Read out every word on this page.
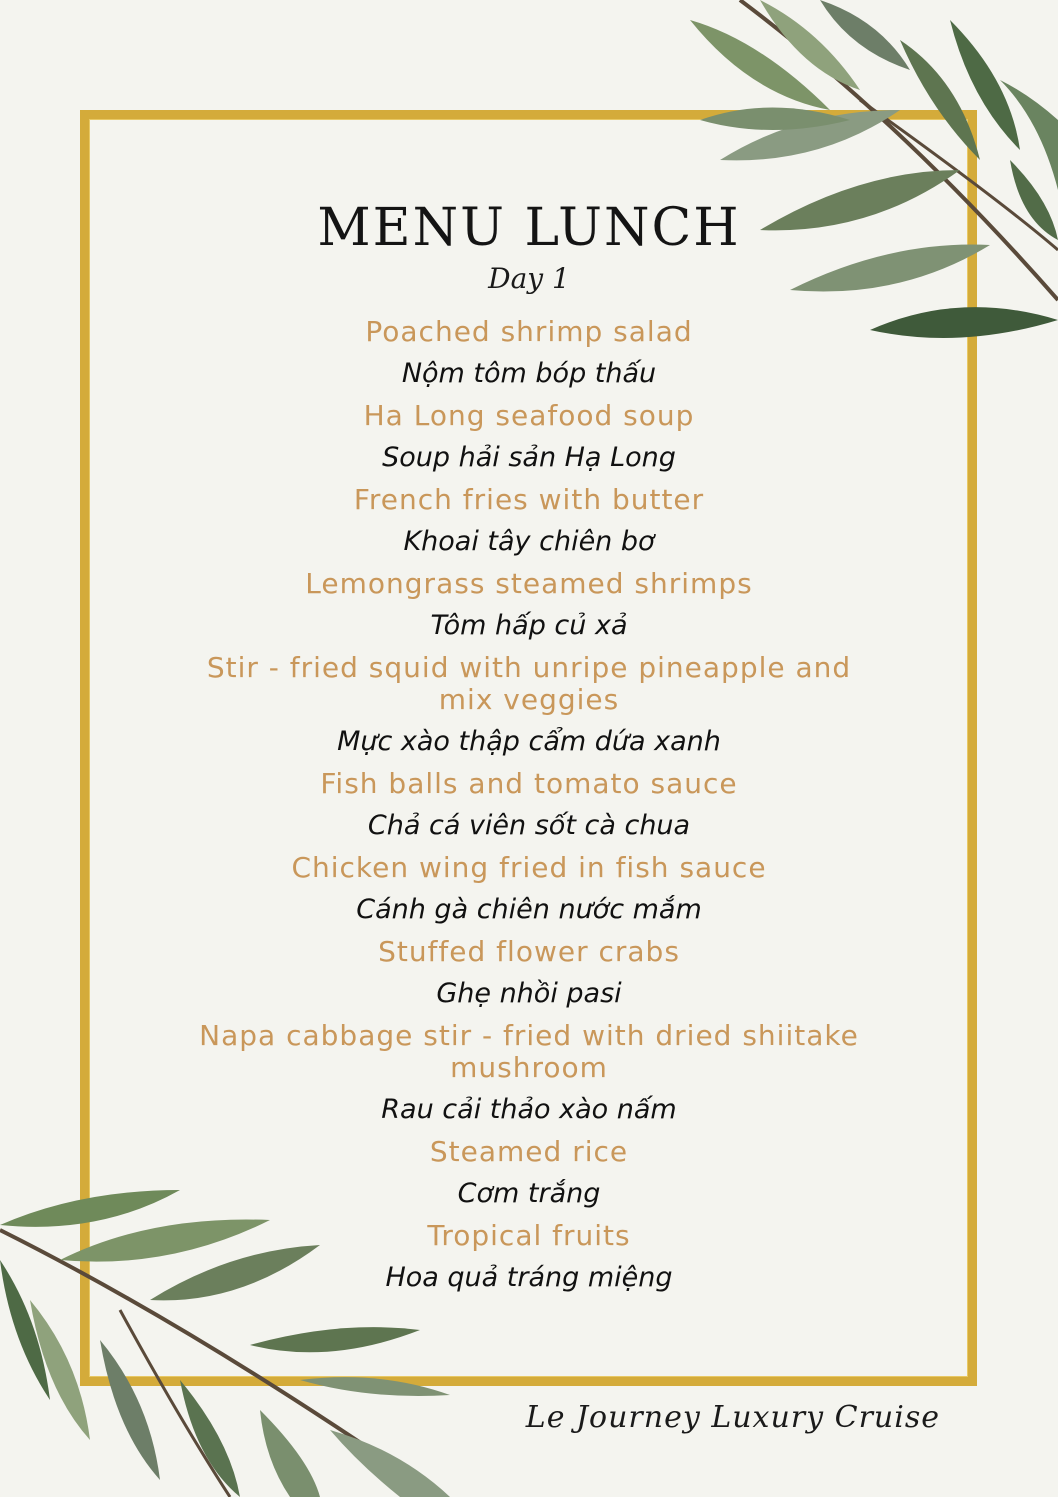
MENU LUNCH
Day 1
Poached shrimp salad
Nộm tôm bóp thấu
Ha Long seafood soup
Soup hải sản Hạ Long
French fries with butter
Khoai tây chiên bơ
Lemongrass steamed shrimps
Tôm hấp củ xả
Stir - fried squid with unripe pineapple and mix veggies
Mực xào thập cẩm dứa xanh
Fish balls and tomato sauce
Chả cá viên sốt cà chua
Chicken wing fried in fish sauce
Cánh gà chiên nước mắm
Stuffed flower crabs
Ghẹ nhồi pasi
Napa cabbage stir - fried with dried shiitake mushroom
Rau cải thảo xào nấm
Steamed rice
Cơm trắng
Tropical fruits
Hoa quả tráng miệng
Le Journey Luxury Cruise
